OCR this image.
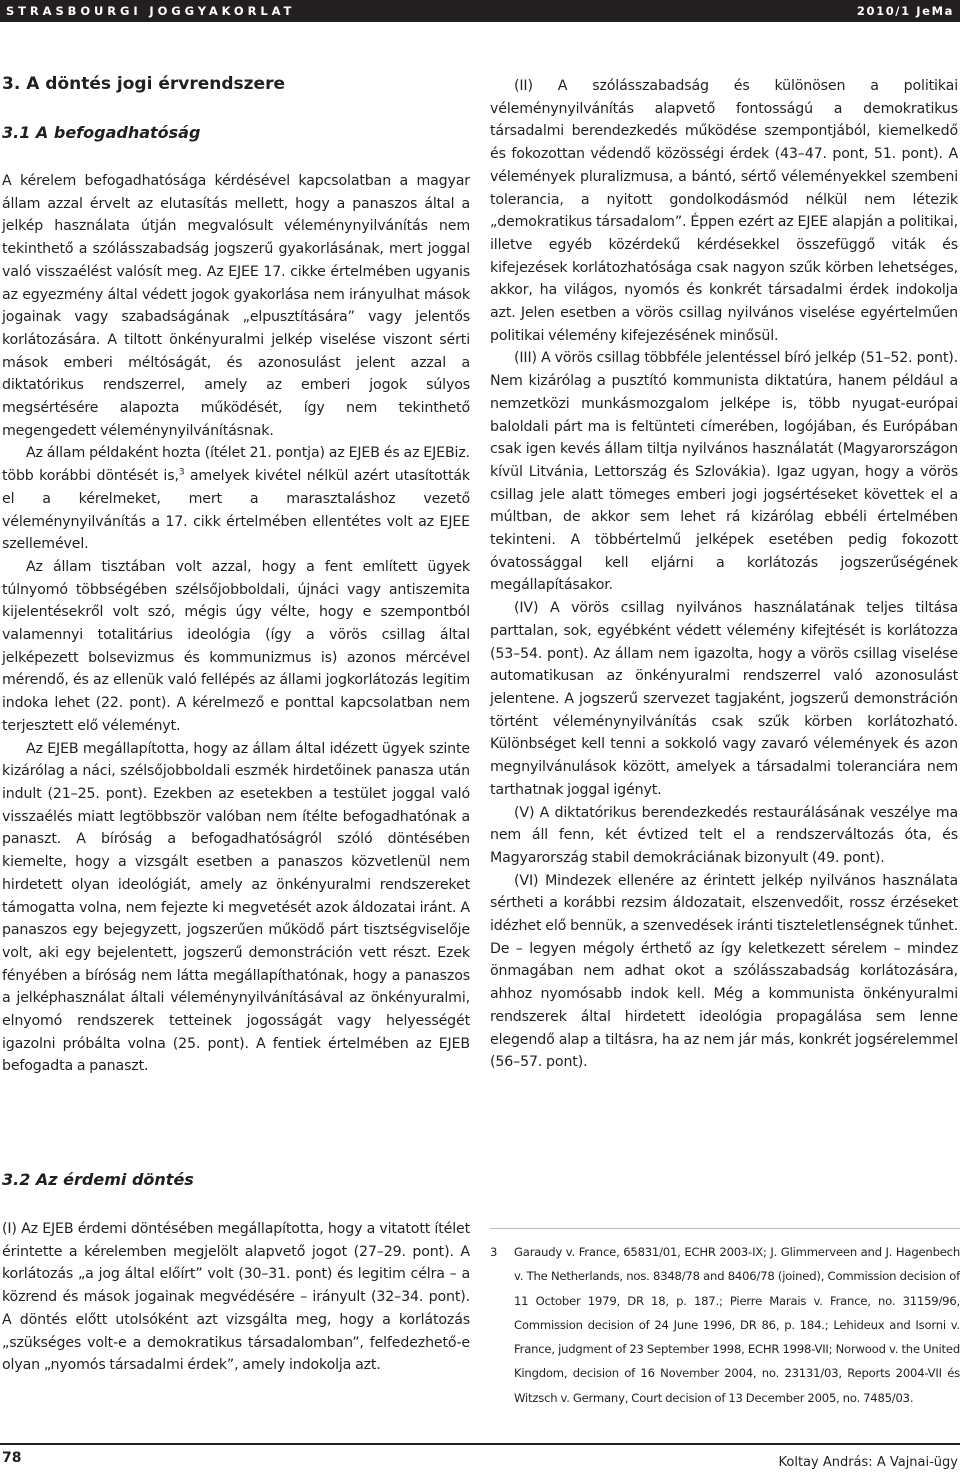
STRASBOURGI JOGGYAKORLAT	2010/1 JeMa
3. A döntés jogi érvrendszere
3.1 A befogadhatóság

A kérelem befogadhatósága kérdésével kapcsolatban a magyar állam azzal érvelt az elutasítás mellett, hogy a panaszos által a jelkép használata útján megvalósult véleménynyilvánítás nem tekinthető a szólásszabadság jogszerű gyakorlásának, mert joggal való visszaélést valósít meg. Az EJEE 17. cikke értelmében ugyanis az egyezmény által védett jogok gyakorlása nem irányulhat mások jogainak vagy szabadságának „elpusztítására” vagy jelentős korlátozására. A tiltott önkényuralmi jelkép viselése viszont sérti mások emberi méltóságát, és azonosulást jelent azzal a diktatórikus rendszerrel, amely az emberi jogok súlyos megsértésére alapozta működését, így nem tekinthető megengedett véleménynyilvánításnak.

Az állam példaként hozta (ítélet 21. pontja) az EJEB és az EJEBiz. több korábbi döntését is,$^3$ amelyek kivétel nélkül azért utasították el a kérelmeket, mert a marasztaláshoz vezető véleménynyilvánítás a 17. cikk értelmében ellentétes volt az EJEE szellemével.

Az állam tisztában volt azzal, hogy a fent említett ügyek túlnyomó többségében szélsőjobboldali, újnáci vagy antiszemita kijelentésekről volt szó, mégis úgy vélte, hogy e szempontból valamennyi totalitárius ideológia (így a vörös csillag által jelképezett bolsevizmus és kommunizmus is) azonos mércével mérendő, és az ellenük való fellépés az állami jogkorlátozás legitim indoka lehet (22. pont). A kérelmező e ponttal kapcsolatban nem terjesztett elő véleményt.

Az EJEB megállapította, hogy az állam által idézett ügyek szinte kizárólag a náci, szélsőjobboldali eszmék hirdetőinek panasza után indult (21–25. pont). Ezekben az esetekben a testület joggal való visszaélés miatt legtöbbször valóban nem ítélte befogadhatónak a panaszt. A bíróság a befogadhatóságról szóló döntésében kiemelte, hogy a vizsgált esetben a panaszos közvetlenül nem hirdetett olyan ideológiát, amely az önkényuralmi rendszereket támogatta volna, nem fejezte ki megvetését azok áldozatai iránt. A panaszos egy bejegyzett, jogszerűen működő párt tisztségviselője volt, aki egy bejelentett, jogszerű demonstráción vett részt. Ezek fényében a bíróság nem látta megállapíthatónak, hogy a panaszos a jelképhasználat általi véleménynyilvánításával az önkényuralmi, elnyomó rendszerek tetteinek jogosságát vagy helyességét igazolni próbálta volna (25. pont). A fentiek értelmében az EJEB befogadta a panaszt.

3.2 Az érdemi döntés

(I) Az EJEB érdemi döntésében megállapította, hogy a vitatott ítélet érintette a kérelemben megjelölt alapvető jogot (27–29. pont). A korlátozás „a jog által előírt” volt (30–31. pont) és legitim célra – a közrend és mások jogainak megvédésére – irányult (32–34. pont). A döntés előtt utolsóként azt vizsgálta meg, hogy a korlátozás „szükséges volt-e a demokratikus társadalomban”, felfedezhető-e olyan „nyomós társadalmi érdek”, amely indokolja azt.

(II) A szólásszabadság és különösen a politikai véleménynyilvánítás alapvető fontosságú a demokratikus társadalmi berendezkedés működése szempontjából, kiemelkedő és fokozottan védendő közösségi érdek (43–47. pont, 51. pont). A vélemények pluralizmusa, a bántó, sértő véleményekkel szembeni tolerancia, a nyitott gondolkodásmód nélkül nem létezik „demokratikus társadalom”. Éppen ezért az EJEE alapján a politikai, illetve egyéb közérdekű kérdésekkel összefüggő viták és kifejezések korlátozhatósága csak nagyon szűk körben lehetséges, akkor, ha világos, nyomós és konkrét társadalmi érdek indokolja azt. Jelen esetben a vörös csillag nyilvános viselése egyértelműen politikai vélemény kifejezésének minősül.

(III) A vörös csillag többféle jelentéssel bíró jelkép (51–52. pont). Nem kizárólag a pusztító kommunista diktatúra, hanem például a nemzetközi munkásmozgalom jelképe is, több nyugat-európai baloldali párt ma is feltünteti címerében, logójában, és Európában csak igen kevés állam tiltja nyilvános használatát (Magyarországon kívül Litvánia, Lettország és Szlovákia). Igaz ugyan, hogy a vörös csillag jele alatt tömeges emberi jogi jogsértéseket követtek el a múltban, de akkor sem lehet rá kizárólag ebbéli értelmében tekinteni. A többértelmű jelképek esetében pedig fokozott óvatossággal kell eljárni a korlátozás jogszerűségének megállapításakor.

(IV) A vörös csillag nyilvános használatának teljes tiltása parttalan, sok, egyébként védett vélemény kifejtését is korlátozza (53–54. pont). Az állam nem igazolta, hogy a vörös csillag viselése automatikusan az önkényuralmi rendszerrel való azonosulást jelentene. A jogszerű szervezet tagjaként, jogszerű demonstráción történt véleménynyilvánítás csak szűk körben korlátozható. Különbséget kell tenni a sokkoló vagy zavaró vélemények és azon megnyilvánulások között, amelyek a társadalmi toleranciára nem tarthatnak joggal igényt.

(V) A diktatórikus berendezkedés restaurálásának veszélye ma nem áll fenn, két évtized telt el a rendszerváltozás óta, és Magyarország stabil demokráciának bizonyult (49. pont).

(VI) Mindezek ellenére az érintett jelkép nyilvános használata sértheti a korábbi rezsim áldozatait, elszenvedőit, rossz érzéseket idézhet elő bennük, a szenvedések iránti tiszteletlenségnek tűnhet. De – legyen mégoly érthető az így keletkezett sérelem – mindez önmagában nem adhat okot a szólásszabadság korlátozására, ahhoz nyomósabb indok kell. Még a kommunista önkényuralmi rendszerek által hirdetett ideológia propagálása sem lenne elegendő alap a tiltásra, ha az nem jár más, konkrét jogsérelemmel (56–57. pont).

3 Garaudy v. France, 65831/01, ECHR 2003-IX; J. Glimmerveen and J. Hagenbech v. The Netherlands, nos. 8348/78 and 8406/78 (joined), Commission decision of 11 October 1979, DR 18, p. 187.; Pierre Marais v. France, no. 31159/96, Commission decision of 24 June 1996, DR 86, p. 184.; Lehideux and Isorni v. France, judgment of 23 September 1998, ECHR 1998-VII; Norwood v. the United Kingdom, decision of 16 November 2004, no. 23131/03, Reports 2004-VII és Witzsch v. Germany, Court decision of 13 December 2005, no. 7485/03.
78	Koltay András: A Vajnai-ügy
